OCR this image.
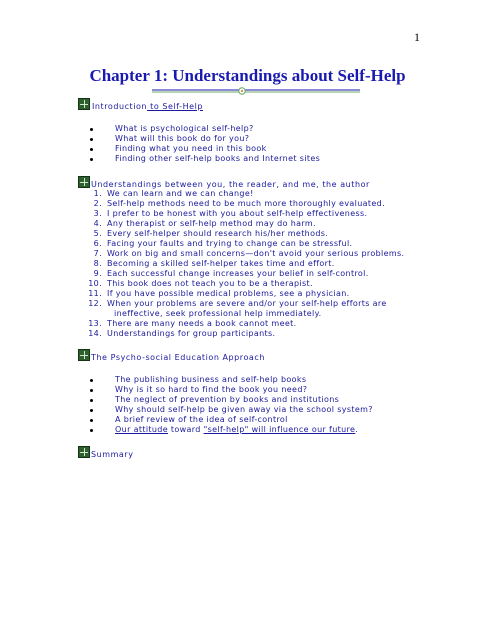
1
Chapter 1: Understandings about Self-Help
Introduction to Self-Help
What is psychological self-help?
What will this book do for you?
Finding what you need in this book
Finding other self-help books and Internet sites
Understandings between you, the reader, and me, the author
1. We can learn and we can change!
2. Self-help methods need to be much more thoroughly evaluated.
3. I prefer to be honest with you about self-help effectiveness.
4. Any therapist or self-help method may do harm.
5. Every self-helper should research his/her methods.
6. Facing your faults and trying to change can be stressful.
7. Work on big and small concerns—don't avoid your serious problems.
8. Becoming a skilled self-helper takes time and effort.
9. Each successful change increases your belief in self-control.
10. This book does not teach you to be a therapist.
11. If you have possible medical problems, see a physician.
12. When your problems are severe and/or your self-help efforts are
ineffective, seek professional help immediately.
13. There are many needs a book cannot meet.
14. Understandings for group participants.
The Psycho-social Education Approach
The publishing business and self-help books
Why is it so hard to find the book you need?
The neglect of prevention by books and institutions
Why should self-help be given away via the school system?
A brief review of the idea of self-control
Our attitude toward "self-help" will influence our future.
Summary
